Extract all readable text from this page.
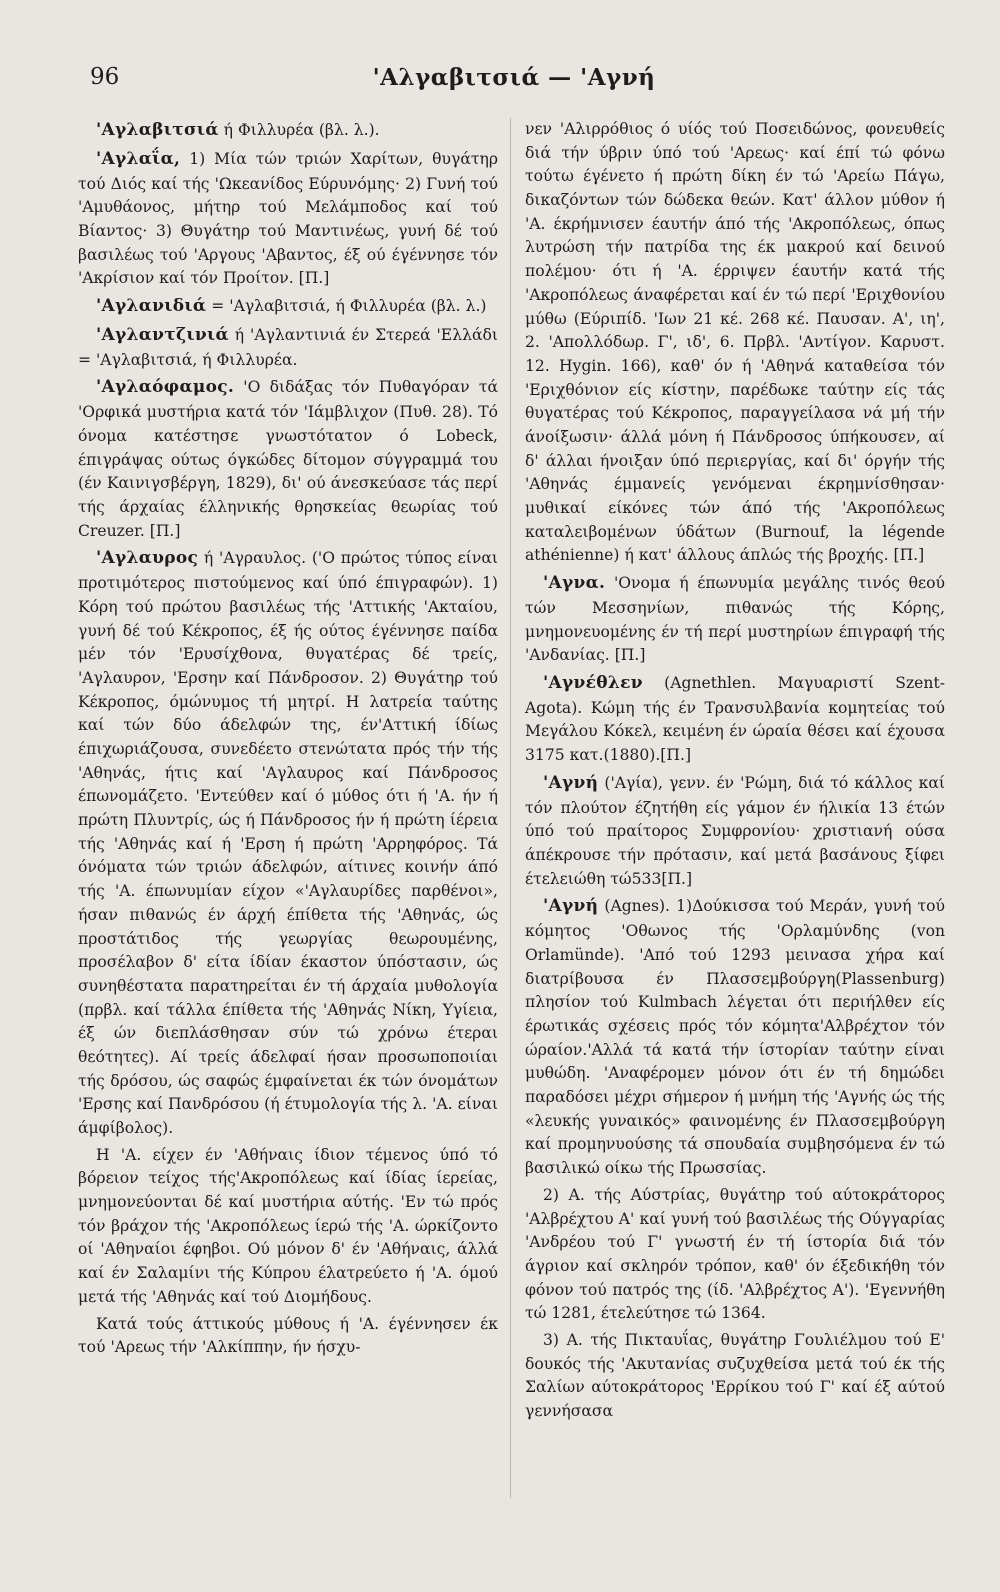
96	'Αλγαβιτσιά — 'Αγνή

'Αγλαβιτσιά ή Φιλλυρέα (βλ. λ.).

'Αγλαΐα, 1) Μία τών τριών Χαρίτων, θυγάτηρ τού Διός καί τής 'Ωκεανίδος Εύρυνόμης· 2) Γυνή τού 'Αμυθάονος, μήτηρ τού Μελάμποδος καί τού Βίαντος· 3) Θυγάτηρ τού Μαντινέως, γυνή δέ τού βασιλέως τού 'Αργους 'Αβαντος, έξ ού έγέννησε τόν 'Ακρίσιον καί τόν Προίτον. [Π.]

'Αγλανιδιά = 'Αγλαβιτσιά, ή Φιλλυρέα (βλ. λ.)

'Αγλαντζινιά ή 'Αγλαντινιά έν Στερεά 'Ελλάδι = 'Αγλαβιτσιά, ή Φιλλυρέα.

'Αγλαόφαμος. 'Ο διδάξας τόν Πυθαγόραν τά 'Ορφικά μυστήρια κατά τόν 'Ιάμβλιχον (Πυθ. 28). Τό όνομα κατέστησε γνωστότατον ό Lobeck, έπιγράψας ούτως όγκώδες δίτομον σύγγραμμά του (έν Καινιγσβέργη, 1829), δι' ού άνεσκεύασε τάς περί τής άρχαίας έλληνικής θρησκείας θεωρίας τού Creuzer. [Π.]

'Αγλαυρος ή 'Αγραυλος. ('Ο πρώτος τύπος είναι προτιμότερος πιστούμενος καί ύπό έπιγραφών). 1) Κόρη τού πρώτου βασιλέως τής 'Αττικής 'Ακταίου, γυνή δέ τού Κέκροπος, έξ ής ούτος έγέννησε παίδα μέν τόν 'Ερυσίχθονα, θυγατέρας δέ τρείς, 'Αγλαυρον, 'Ερσην καί Πάνδροσον. 2) Θυγάτηρ τού Κέκροπος, όμώνυμος τή μητρί. Η λατρεία ταύτης καί τών δύο άδελφών της, έν'Αττική ίδίως έπιχωριάζουσα, συνεδέετο στενώτατα πρός τήν τής 'Αθηνάς, ήτις καί 'Αγλαυρος καί Πάνδροσος έπωνομάζετο. 'Εντεύθεν καί ό μύθος ότι ή 'Α. ήν ή πρώτη Πλυντρίς, ώς ή Πάνδροσος ήν ή πρώτη ίέρεια τής 'Αθηνάς καί ή 'Ερση ή πρώτη 'Αρρηφόρος. Τά όνόματα τών τριών άδελφών, αίτινες κοινήν άπό τής 'Α. έπωνυμίαν είχον «'Αγλαυρίδες παρθένοι», ήσαν πιθανώς έν άρχή έπίθετα τής 'Αθηνάς, ώς προστάτιδος τής γεωργίας θεωρουμένης, προσέλαβον δ' είτα ίδίαν έκαστον ύπόστασιν, ώς συνηθέστατα παρατηρείται έν τή άρχαία μυθολογία (πρβλ. καί τάλλα έπίθετα τής 'Αθηνάς Νίκη, Υγίεια, έξ ών διεπλάσθησαν σύν τώ χρόνω έτεραι θεότητες). Αί τρείς άδελφαί ήσαν προσωποποιίαι τής δρόσου, ώς σαφώς έμφαίνεται έκ τών όνομάτων 'Ερσης καί Πανδρόσου (ή έτυμολογία τής λ. 'Α. είναι άμφίβολος).

Η 'Α. είχεν έν 'Αθήναις ίδιον τέμενος ύπό τό βόρειον τείχος τής'Ακροπόλεως καί ίδίας ίερείας, μνημονεύονται δέ καί μυστήρια αύτής. 'Εν τώ πρός τόν βράχον τής 'Ακροπόλεως ίερώ τής 'Α. ώρκίζοντο οί 'Αθηναίοι έφηβοι. Ού μόνον δ' έν 'Αθήναις, άλλά καί έν Σαλαμίνι τής Κύπρου έλατρεύετο ή 'Α. όμού μετά τής 'Αθηνάς καί τού Διομήδους.

Κατά τούς άττικούς μύθους ή 'Α. έγέννησεν έκ τού 'Αρεως τήν 'Αλκίππην, ήν ήσχυ-

νεν 'Αλιρρόθιος ό υίός τού Ποσειδώνος, φονευθείς διά τήν ύβριν ύπό τού 'Αρεως· καί έπί τώ φόνω τούτω έγένετο ή πρώτη δίκη έν τώ 'Αρείω Πάγω, δικαζόντων τών δώδεκα θεών. Κατ' άλλον μύθον ή 'Α. έκρήμνισεν έαυτήν άπό τής 'Ακροπόλεως, όπως λυτρώση τήν πατρίδα της έκ μακρού καί δεινού πολέμου· ότι ή 'Α. έρριψεν έαυτήν κατά τής 'Ακροπόλεως άναφέρεται καί έν τώ περί 'Εριχθονίου μύθω (Εύριπίδ. 'Ιων 21 κέ. 268 κέ. Παυσαν. Α', ιη', 2. 'Απολλόδωρ. Γ', ιδ', 6. Πρβλ. 'Αντίγον. Καρυστ. 12. Hygin. 166), καθ' όν ή 'Αθηνά καταθείσα τόν 'Εριχθόνιον είς κίστην, παρέδωκε ταύτην είς τάς θυγατέρας τού Κέκροπος, παραγγείλασα νά μή τήν άνοίξωσιν· άλλά μόνη ή Πάνδροσος ύπήκουσεν, αί δ' άλλαι ήνοιξαν ύπό περιεργίας, καί δι' όργήν τής 'Αθηνάς έμμανείς γενόμεναι έκρημνίσθησαν· μυθικαί είκόνες τών άπό τής 'Ακροπόλεως καταλειβομένων ύδάτων (Burnouf, la légende athénienne) ή κατ' άλλους άπλώς τής βροχής. [Π.]

'Αγνα. 'Ονομα ή έπωνυμία μεγάλης τινός θεού τών Μεσσηνίων, πιθανώς τής Κόρης, μνημονευομένης έν τή περί μυστηρίων έπιγραφή τής 'Ανδανίας. [Π.]

'Αγνέθλεν (Agnethlen. Μαγυαριστί Szent-Agota). Κώμη τής έν Τρανσυλβανία κομητείας τού Μεγάλου Κόκελ, κειμένη έν ώραία θέσει καί έχουσα 3175 κατ.(1880).[Π.]

'Αγνή ('Αγία), γενν. έν 'Ρώμη, διά τό κάλλος καί τόν πλούτον έζητήθη είς γάμον έν ήλικία 13 έτών ύπό τού πραίτορος Συμφρονίου· χριστιανή ούσα άπέκρουσε τήν πρότασιν, καί μετά βασάνους ξίφει έτελειώθη τώ533[Π.]

'Αγνή (Agnes). 1)Δούκισσα τού Μεράν, γυνή τού κόμητος 'Οθωνος τής 'Ορλαμύνδης (von Orlamünde). 'Από τού 1293 μεινασα χήρα καί διατρίβουσα έν Πλασσεμβούργη(Plassenburg) πλησίον τού Kulmbach λέγεται ότι περιήλθεν είς έρωτικάς σχέσεις πρός τόν κόμητα'Αλβρέχτον τόν ώραίον.'Αλλά τά κατά τήν ίστορίαν ταύτην είναι μυθώδη. 'Αναφέρομεν μόνον ότι έν τή δημώδει παραδόσει μέχρι σήμερον ή μνήμη τής 'Αγνής ώς τής «λευκής γυναικός» φαινομένης έν Πλασσεμβούργη καί προμηνυούσης τά σπουδαία συμβησόμενα έν τώ βασιλικώ οίκω τής Πρωσσίας.

2) Α. τής Αύστρίας, θυγάτηρ τού αύτοκράτορος 'Αλβρέχτου Α' καί γυνή τού βασιλέως τής Ούγγαρίας 'Ανδρέου τού Γ' γνωστή έν τή ίστορία διά τόν άγριον καί σκληρόν τρόπον, καθ' όν έξεδικήθη τόν φόνον τού πατρός της (ίδ. 'Αλβρέχτος Α'). 'Εγεννήθη τώ 1281, έτελεύτησε τώ 1364.

3) Α. τής Πικταυΐας, θυγάτηρ Γουλιέλμου τού Ε' δουκός τής 'Ακυτανίας συζυχθείσα μετά τού έκ τής Σαλίων αύτοκράτορος 'Ερρίκου τού Γ' καί έξ αύτού γεννήσασα
